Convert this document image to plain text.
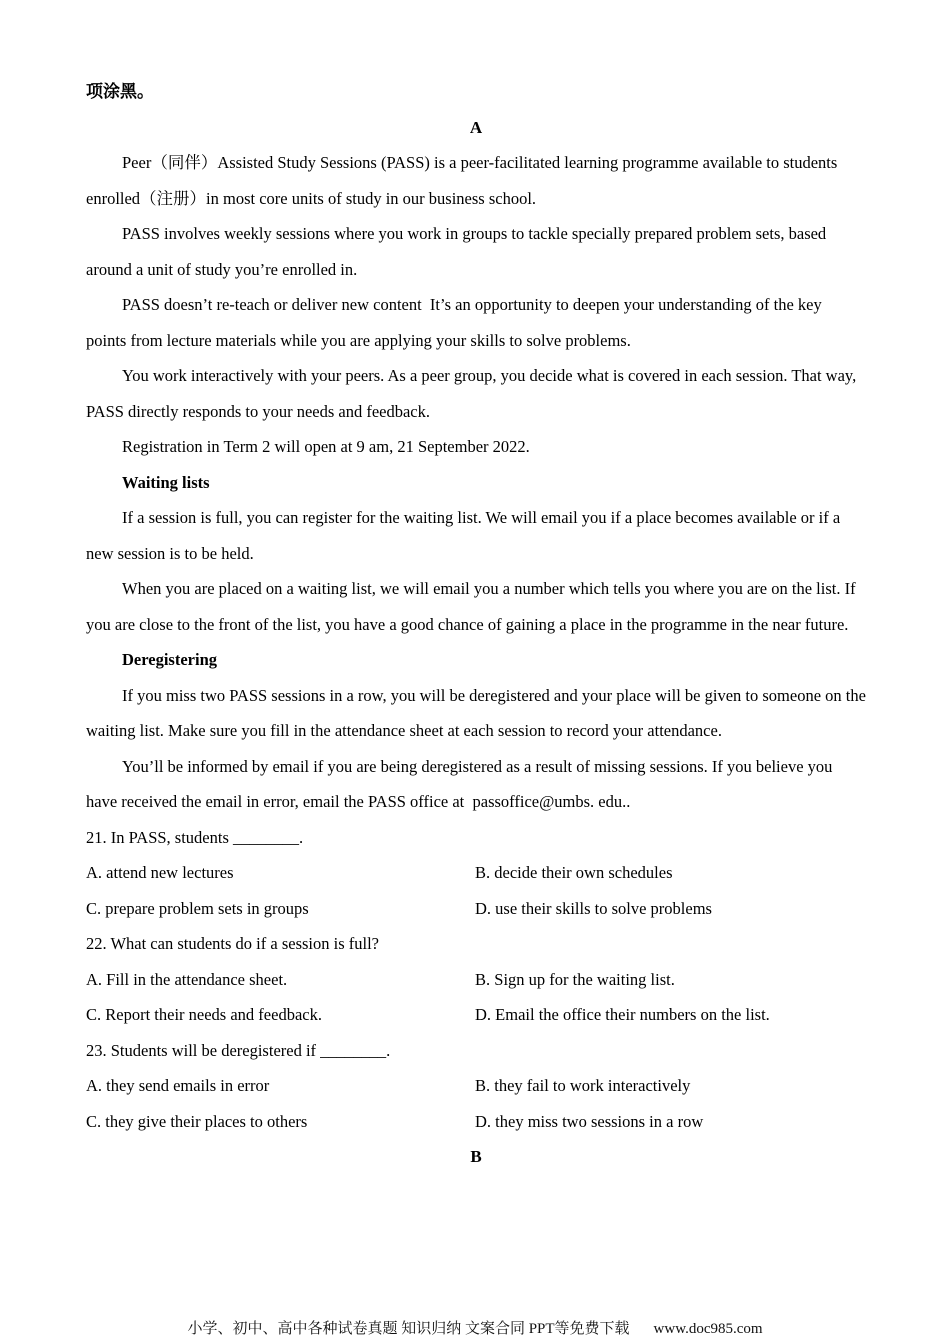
项涂黑。

A

Peer（同伴）Assisted Study Sessions (PASS) is a peer-facilitated learning programme available to students enrolled（注册）in most core units of study in our business school.

PASS involves weekly sessions where you work in groups to tackle specially prepared problem sets, based around a unit of study you’re enrolled in.

PASS doesn’t re-teach or deliver new content  It’s an opportunity to deepen your understanding of the key points from lecture materials while you are applying your skills to solve problems.

You work interactively with your peers. As a peer group, you decide what is covered in each session. That way, PASS directly responds to your needs and feedback.

Registration in Term 2 will open at 9 am, 21 September 2022.

Waiting lists

If a session is full, you can register for the waiting list. We will email you if a place becomes available or if a new session is to be held.

When you are placed on a waiting list, we will email you a number which tells you where you are on the list. If you are close to the front of the list, you have a good chance of gaining a place in the programme in the near future.

Deregistering

If you miss two PASS sessions in a row, you will be deregistered and your place will be given to someone on the waiting list. Make sure you fill in the attendance sheet at each session to record your attendance.

You’ll be informed by email if you are being deregistered as a result of missing sessions. If you believe you have received the email in error, email the PASS office at  passoffice@umbs. edu..

21. In PASS, students ________.

A. attend new lectures	B. decide their own schedules

C. prepare problem sets in groups	D. use their skills to solve problems

22. What can students do if a session is full?

A. Fill in the attendance sheet.	B. Sign up for the waiting list.

C. Report their needs and feedback.	D. Email the office their numbers on the list.

23. Students will be deregistered if ________.

A. they send emails in error	B. they fail to work interactively

C. they give their places to others	D. they miss two sessions in a row

B

小学、初中、高中各种试卷真题 知识归纳 文案合同 PPT等免费下载 www.doc985.com
